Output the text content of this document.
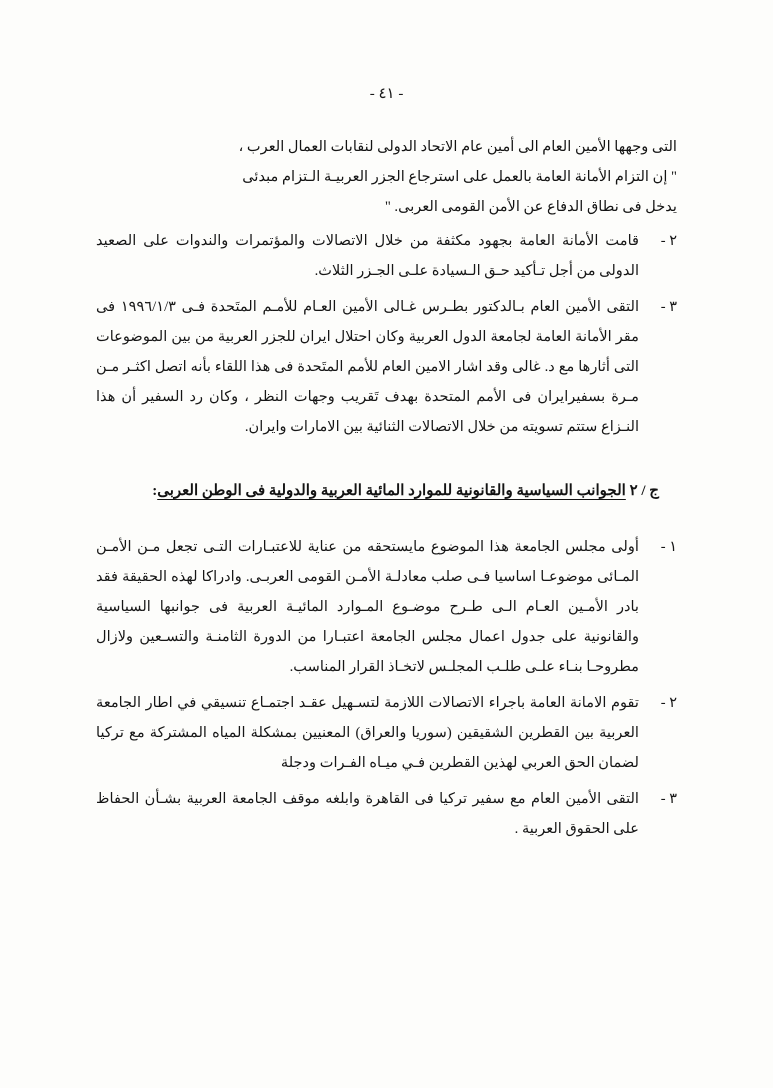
- ٤١ -
التى وجهها الأمين العام الى أمين عام الاتحاد الدولى لنقابات العمال العرب ،
" إن التزام الأمانة العامة بالعمل على استرجاع الجزر العربيـة الـتزام مبدئى
يدخل فى نطاق الدفاع عن الأمن القومى العربى. "
٢ -
قامت الأمانة العامة بجهود مكثفة من خلال الاتصالات والمؤتمرات والندوات على الصعيد الدولى من أجل تـأكيد حـق الـسيادة علـى الجـزر الثلاث.
٣ -
التقى الأمين العام بـالدكتور بطـرس غـالى الأمين العـام للأمـم المتَحدة فـى ١٩٩٦/١/٣ فى مقر الأمانة العامة لجامعة الدول العربية وكان احتلال ايران للجزر العربية من بين الموضوعات التى أثارها مع د. غالى وقد اشار الامين العام للأمم المتَحدة فى هذا اللقاء بأنه اتصل اكثـر مـن مـرة بسفيرايران فى الأمم المتحدة بهدف تَقريب وجهات النظر ، وكان رد السفير أن هذا النـزاع ستتم تسويته من خلال الاتصالات الثنائية بين الامارات وايران.
ج / ٢ الجوانب السياسية والقانونية للموارد المائية العربية والدولية فى الوطن العربى:
١ -
أولى مجلس الجامعة هذا الموضوع مايستحقه من عناية للاعتبـارات التـى تجعل مـن الأمـن المـائى موضوعـا اساسيا فـى صلب معادلـة الأمـن القومى العربـى. وادراكا لهذه الحقيقة فقد بادر الأمـين العـام الـى طـرح موضـوع المـوارد المائيـة العربية فى جوانبها السياسية والقانونية على جدول اعمال مجلس الجامعة اعتبـارا من الدورة الثامنـة والتسـعين ولازال مطروحـا بنـاء علـى طلـب المجلـس لاتخـاذ القرار المناسب.
٢ -
تقوم الامانة العامة باجراء الاتصالات اللازمة لتسـهيل عقـد اجتمـاع تنسيقي في اطار الجامعة العربية بين القطرين الشقيقين (سوريا والعراق) المعنيين بمشكلة المياه المشتركة مع تركيا لضمان الحق العربي لهذين القطرين فـي ميـاه الفـرات ودجلة
٣ -
التقى الأمين العام مع سفير تركيا فى القاهرة وابلغه موقف الجامعة العربية بشـأن الحفاظ على الحقوق العربية .
